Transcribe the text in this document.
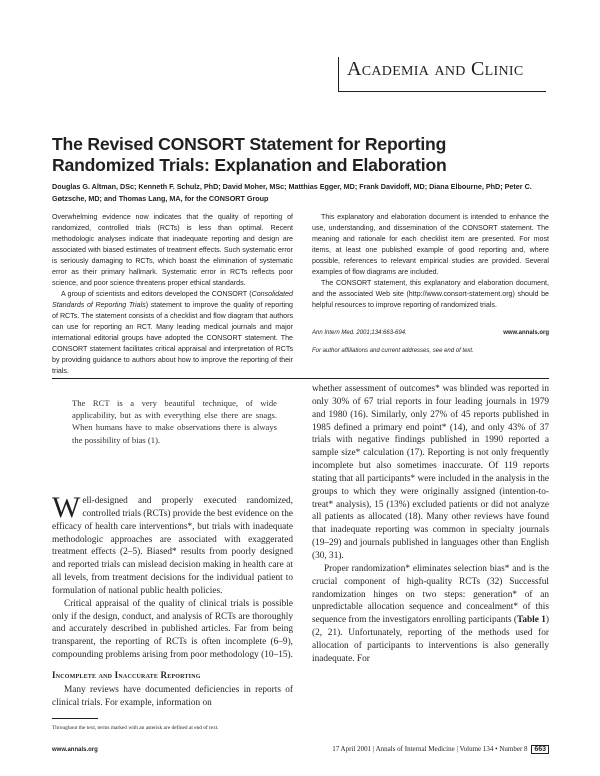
Academia and Clinic
The Revised CONSORT Statement for Reporting Randomized Trials: Explanation and Elaboration
Douglas G. Altman, DSc; Kenneth F. Schulz, PhD; David Moher, MSc; Matthias Egger, MD; Frank Davidoff, MD; Diana Elbourne, PhD; Peter C. Gøtzsche, MD; and Thomas Lang, MA, for the CONSORT Group

Overwhelming evidence now indicates that the quality of reporting of randomized, controlled trials (RCTs) is less than optimal. Recent methodologic analyses indicate that inadequate reporting and design are associated with biased estimates of treatment effects. Such systematic error is seriously damaging to RCTs, which boast the elimination of systematic error as their primary hallmark. Systematic error in RCTs reflects poor science, and poor science threatens proper ethical standards.

A group of scientists and editors developed the CONSORT (Consolidated Standards of Reporting Trials) statement to improve the quality of reporting of RCTs. The statement consists of a checklist and flow diagram that authors can use for reporting an RCT. Many leading medical journals and major international editorial groups have adopted the CONSORT statement. The CONSORT statement facilitates critical appraisal and interpretation of RCTs by providing guidance to authors about how to improve the reporting of their trials.

This explanatory and elaboration document is intended to enhance the use, understanding, and dissemination of the CONSORT statement. The meaning and rationale for each checklist item are presented. For most items, at least one published example of good reporting and, where possible, references to relevant empirical studies are provided. Several examples of flow diagrams are included.

The CONSORT statement, this explanatory and elaboration document, and the associated Web site (http://www.consort-statement.org) should be helpful resources to improve reporting of randomized trials.

Ann Intern Med. 2001;134:663-694.	www.annals.org
For author affiliations and current addresses, see end of text.
The RCT is a very beautiful technique, of wide applicability, but as with everything else there are snags. When humans have to make observations there is always the possibility of bias (1).

Well-designed and properly executed randomized, controlled trials (RCTs) provide the best evidence on the efficacy of health care interventions*, but trials with inadequate methodologic approaches are associated with exaggerated treatment effects (2–5). Biased* results from poorly designed and reported trials can mislead decision making in health care at all levels, from treatment decisions for the individual patient to formulation of national public health policies.

Critical appraisal of the quality of clinical trials is possible only if the design, conduct, and analysis of RCTs are thoroughly and accurately described in published articles. Far from being transparent, the reporting of RCTs is often incomplete (6–9), compounding problems arising from poor methodology (10–15).

Incomplete and Inaccurate Reporting

Many reviews have documented deficiencies in reports of clinical trials. For example, information on

whether assessment of outcomes* was blinded was reported in only 30% of 67 trial reports in four leading journals in 1979 and 1980 (16). Similarly, only 27% of 45 reports published in 1985 defined a primary end point* (14), and only 43% of 37 trials with negative findings published in 1990 reported a sample size* calculation (17). Reporting is not only frequently incomplete but also sometimes inaccurate. Of 119 reports stating that all participants* were included in the analysis in the groups to which they were originally assigned (intention-to-treat* analysis), 15 (13%) excluded patients or did not analyze all patients as allocated (18). Many other reviews have found that inadequate reporting was common in specialty journals (19–29) and journals published in languages other than English (30, 31).

Proper randomization* eliminates selection bias* and is the crucial component of high-quality RCTs (32) Successful randomization hinges on two steps: generation* of an unpredictable allocation sequence and concealment* of this sequence from the investigators enrolling participants (Table 1) (2, 21). Unfortunately, reporting of the methods used for allocation of participants to interventions is also generally inadequate. For

Throughout the text, terms marked with an asterisk are defined at end of text.
www.annals.org	17 April 2001 | Annals of Internal Medicine | Volume 134 • Number 8 663
